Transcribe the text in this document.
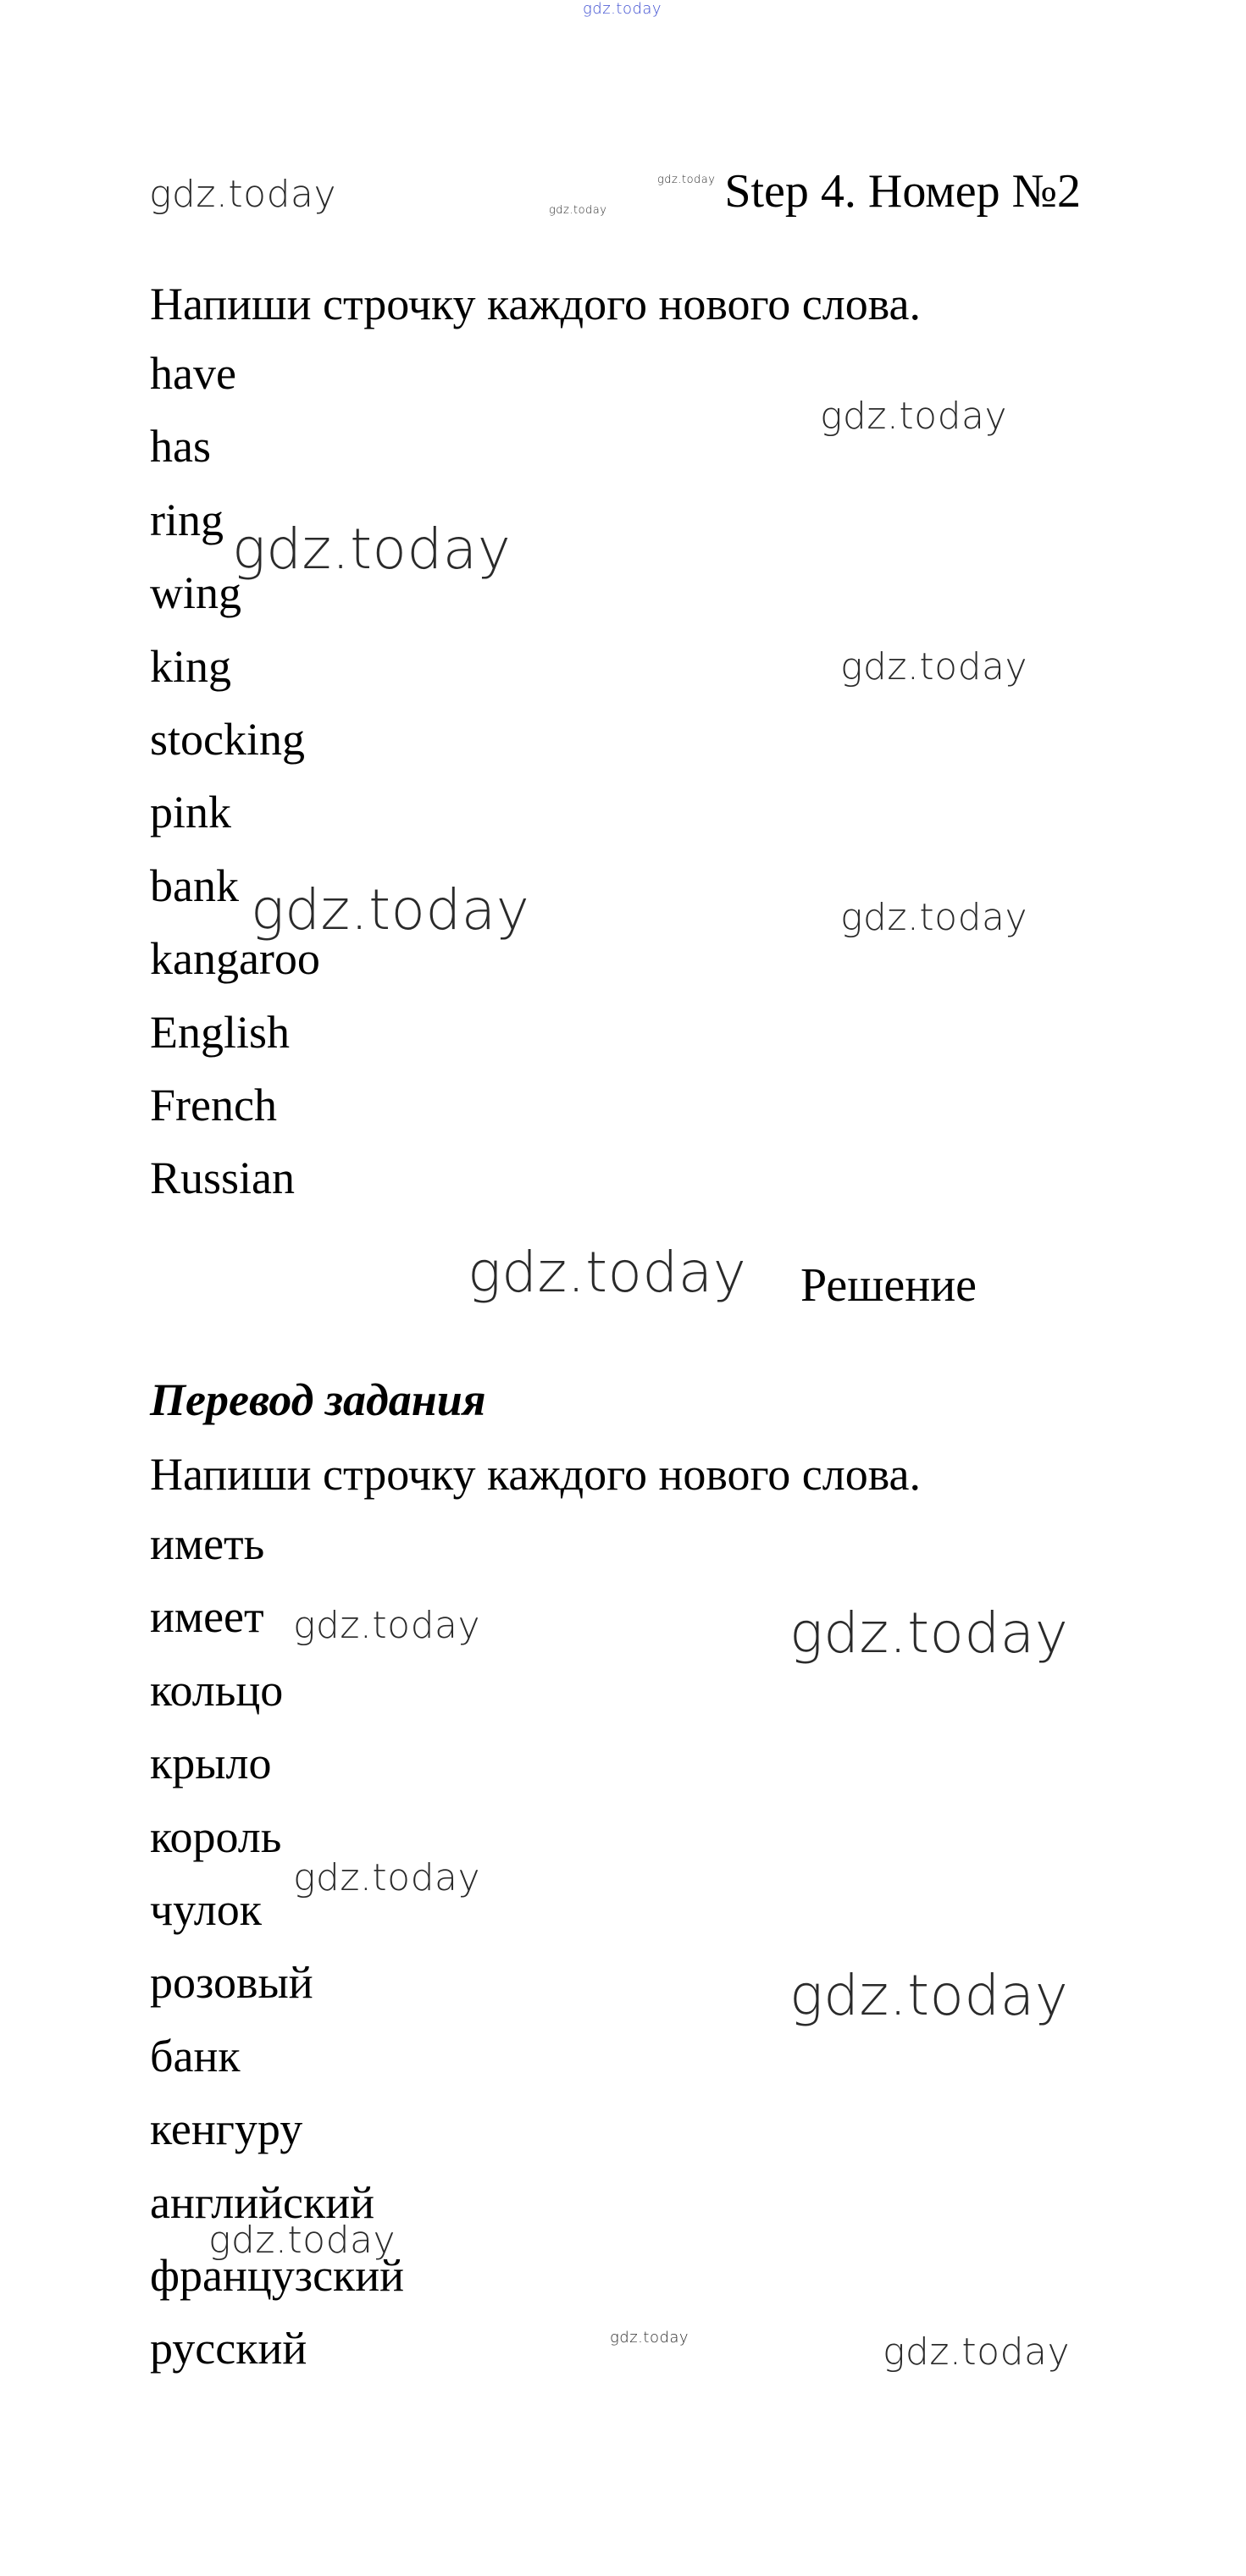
Step 4. Номер №2
Напиши строчку каждого нового слова.
have
has
ring
wing
king
stocking
pink
bank
kangaroo
English
French
Russian
Решение
Перевод задания
Напиши строчку каждого нового слова.
иметь
имеет
кольцо
крыло
король
чулок
розовый
банк
кенгуру
английский
французский
русский
gdz.today
gdz.today	gdz.today
gdz.today
gdz.today
gdz.today
gdz.today
gdz.today	gdz.today
gdz.today
gdz.today	gdz.today
gdz.today
gdz.today
gdz.today
gdz.today	gdz.today
